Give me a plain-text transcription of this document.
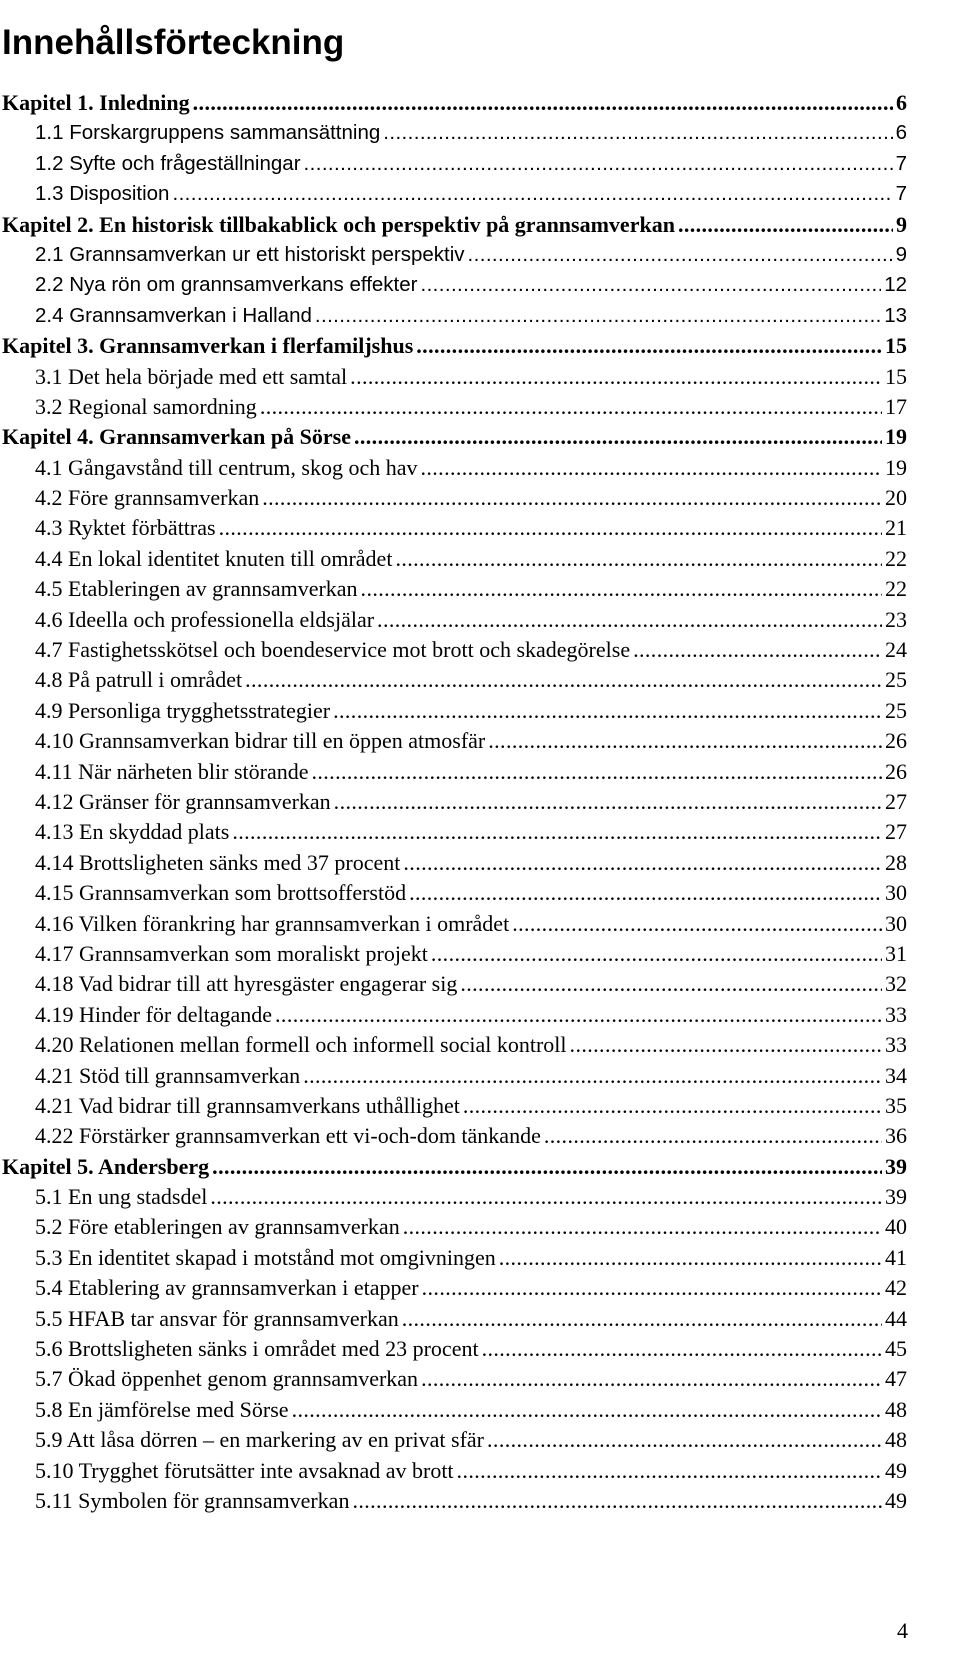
Innehållsförteckning
Kapitel 1. Inledning .....	6
1.1 Forskargruppens sammansättning .....	6
1.2 Syfte och frågeställningar .....	7
1.3 Disposition .....	7
Kapitel 2. En historisk tillbakablick och perspektiv på grannsamverkan .....	9
2.1 Grannsamverkan ur ett historiskt perspektiv .....	9
2.2 Nya rön om grannsamverkans effekter .....	12
2.4 Grannsamverkan i Halland .....	13
Kapitel 3. Grannsamverkan i flerfamiljshus .....	15
3.1 Det hela började med ett samtal .....	15
3.2 Regional samordning .....	17
Kapitel 4. Grannsamverkan på Sörse .....	19
4.1 Gångavstånd till centrum, skog och hav .....	19
4.2 Före grannsamverkan .....	20
4.3 Ryktet förbättras .....	21
4.4 En lokal identitet knuten till området .....	22
4.5 Etableringen av grannsamverkan .....	22
4.6 Ideella och professionella eldsjälar .....	23
4.7 Fastighetsskötsel och boendeservice mot brott och skadegörelse .....	24
4.8 På patrull i området .....	25
4.9 Personliga trygghetsstrategier .....	25
4.10 Grannsamverkan bidrar till en öppen atmosfär .....	26
4.11 När närheten blir störande .....	26
4.12 Gränser för grannsamverkan .....	27
4.13 En skyddad plats .....	27
4.14 Brottsligheten sänks med 37 procent .....	28
4.15 Grannsamverkan som brottsofferstöd .....	30
4.16 Vilken förankring har grannsamverkan i området .....	30
4.17 Grannsamverkan som moraliskt projekt .....	31
4.18 Vad bidrar till att hyresgäster engagerar sig .....	32
4.19 Hinder för deltagande .....	33
4.20 Relationen mellan formell och informell social kontroll .....	33
4.21 Stöd till grannsamverkan .....	34
4.21 Vad bidrar till grannsamverkans uthållighet .....	35
4.22 Förstärker grannsamverkan ett vi-och-dom tänkande .....	36
Kapitel 5. Andersberg .....	39
5.1 En ung stadsdel .....	39
5.2 Före etableringen av grannsamverkan .....	40
5.3 En identitet skapad i motstånd mot omgivningen .....	41
5.4 Etablering av grannsamverkan i etapper .....	42
5.5 HFAB tar ansvar för grannsamverkan .....	44
5.6 Brottsligheten sänks i området med 23 procent .....	45
5.7 Ökad öppenhet genom grannsamverkan .....	47
5.8 En jämförelse med Sörse .....	48
5.9 Att låsa dörren – en markering av en privat sfär .....	48
5.10 Trygghet förutsätter inte avsaknad av brott .....	49
5.11 Symbolen för grannsamverkan .....	49
4
